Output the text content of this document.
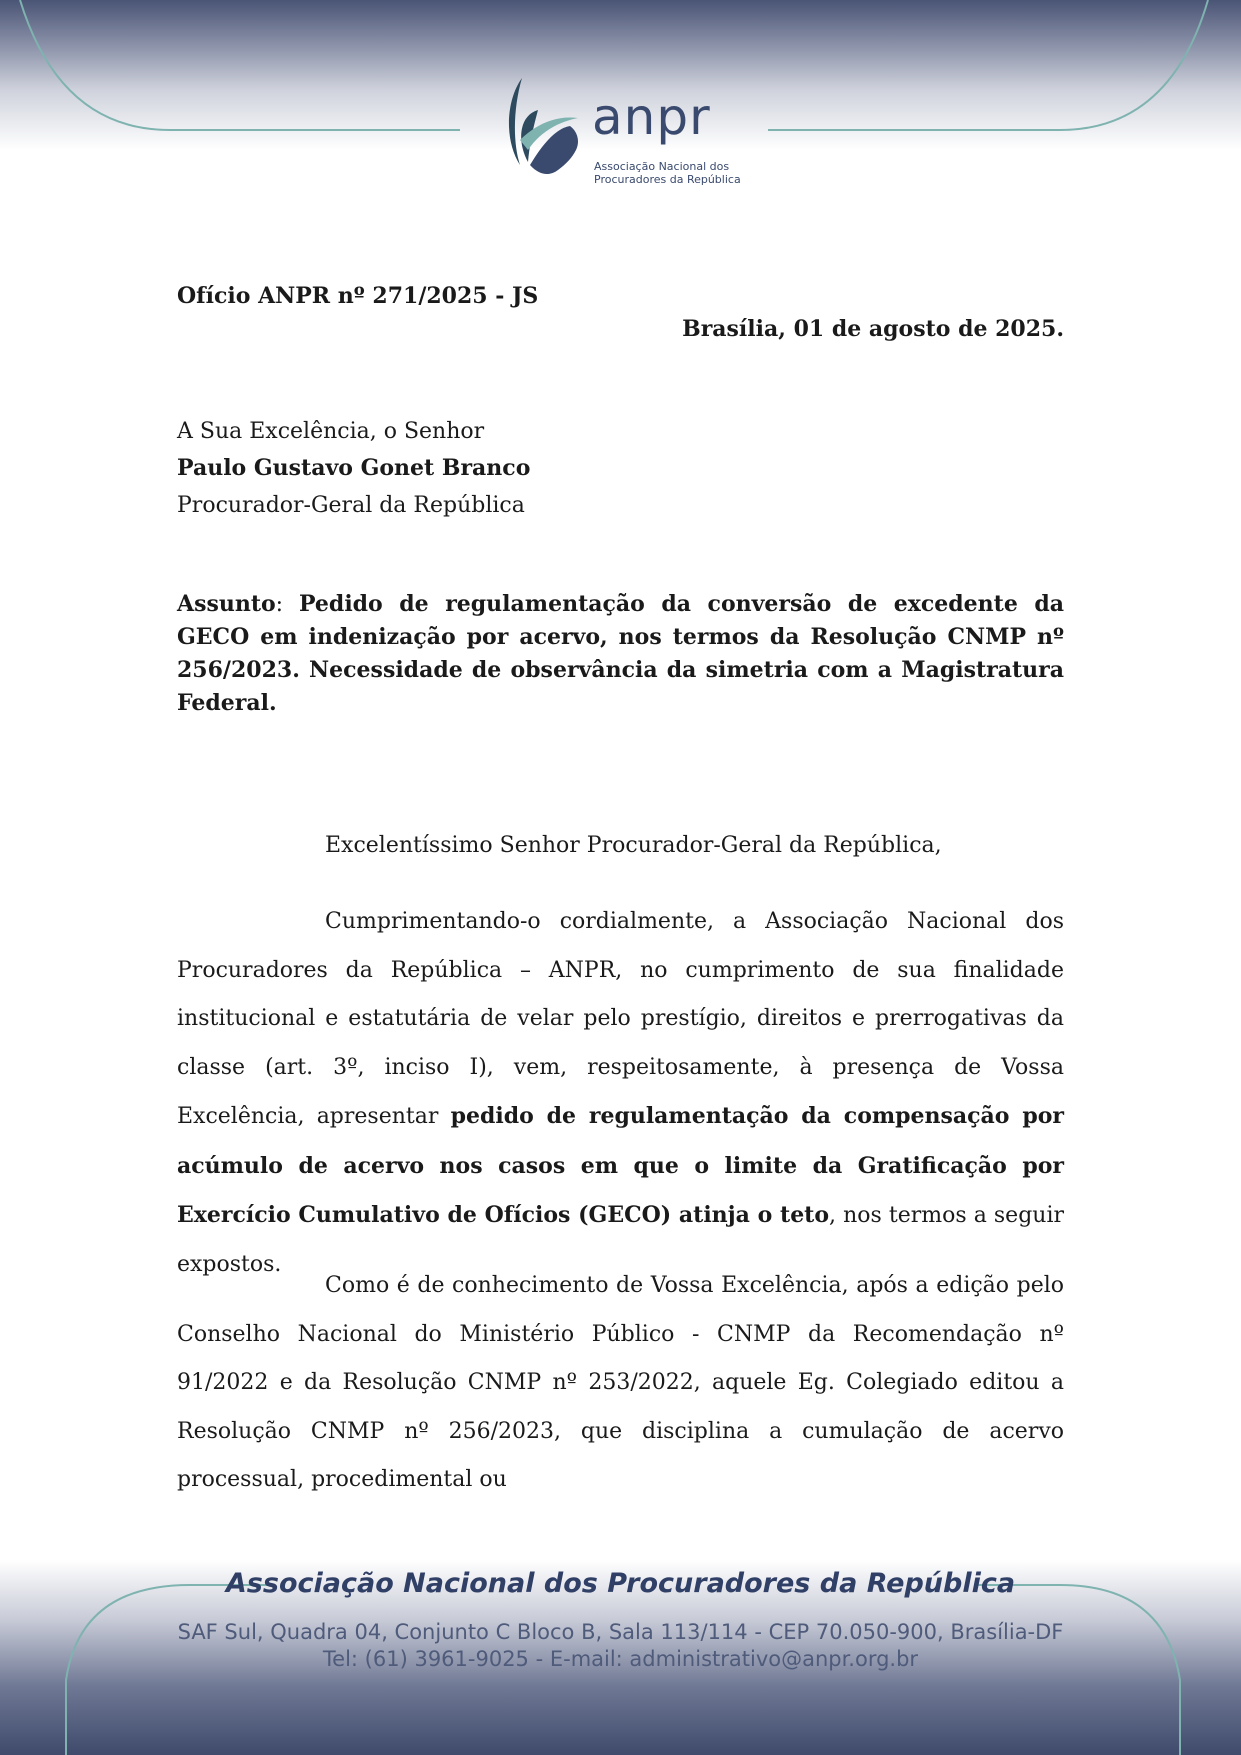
anpr
Associação Nacional dos Procuradores da República
Ofício ANPR nº 271/2025 - JS
Brasília, 01 de agosto de 2025.
A Sua Excelência, o Senhor
Paulo Gustavo Gonet Branco
Procurador-Geral da República
Assunto: Pedido de regulamentação da conversão de excedente da GECO em indenização por acervo, nos termos da Resolução CNMP nº 256/2023. Necessidade de observância da simetria com a Magistratura Federal.
Excelentíssimo Senhor Procurador-Geral da República,
Cumprimentando-o cordialmente, a Associação Nacional dos Procuradores da República – ANPR, no cumprimento de sua finalidade institucional e estatutária de velar pelo prestígio, direitos e prerrogativas da classe (art. 3º, inciso I), vem, respeitosamente, à presença de Vossa Excelência, apresentar pedido de regulamentação da compensação por acúmulo de acervo nos casos em que o limite da Gratificação por Exercício Cumulativo de Ofícios (GECO) atinja o teto, nos termos a seguir expostos.
Como é de conhecimento de Vossa Excelência, após a edição pelo Conselho Nacional do Ministério Público - CNMP da Recomendação nº 91/2022 e da Resolução CNMP nº 253/2022, aquele Eg. Colegiado editou a Resolução CNMP nº 256/2023, que disciplina a cumulação de acervo processual, procedimental ou
Associação Nacional dos Procuradores da República
SAF Sul, Quadra 04, Conjunto C Bloco B, Sala 113/114 - CEP 70.050-900, Brasília-DF
Tel: (61) 3961-9025 - E-mail: administrativo@anpr.org.br
